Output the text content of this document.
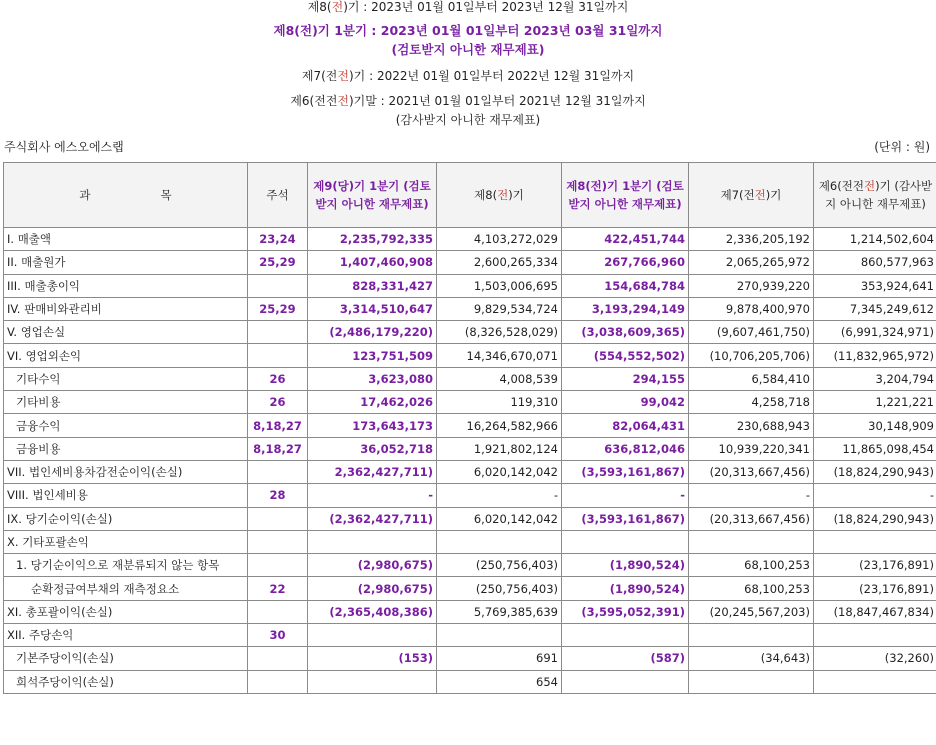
제8(전)기 : 2023년 01월 01일부터 2023년 12월 31일까지
제8(전)기 1분기 : 2023년 01월 01일부터 2023년 03월 31일까지
(검토받지 아니한 재무제표)
제7(전전)기 : 2022년 01월 01일부터 2022년 12월 31일까지
제6(전전전)기말 : 2021년 01월 01일부터 2021년 12월 31일까지
(감사받지 아니한 재무제표)
주식회사 에스오에스랩	(단위 : 원)
과 목	주석	제9(당)기 1분기 (검토받지 아니한 재무제표)	제8(전)기	제8(전)기 1분기 (검토받지 아니한 재무제표)	제7(전전)기	제6(전전전)기 (감사받지 아니한 재무제표)
I. 매출액	23,24	2,235,792,335	4,103,272,029	422,451,744	2,336,205,192	1,214,502,604
II. 매출원가	25,29	1,407,460,908	2,600,265,334	267,766,960	2,065,265,972	860,577,963
III. 매출총이익		828,331,427	1,503,006,695	154,684,784	270,939,220	353,924,641
IV. 판매비와관리비	25,29	3,314,510,647	9,829,534,724	3,193,294,149	9,878,400,970	7,345,249,612
V. 영업손실		(2,486,179,220)	(8,326,528,029)	(3,038,609,365)	(9,607,461,750)	(6,991,324,971)
VI. 영업외손익		123,751,509	14,346,670,071	(554,552,502)	(10,706,205,706)	(11,832,965,972)
기타수익	26	3,623,080	4,008,539	294,155	6,584,410	3,204,794
기타비용	26	17,462,026	119,310	99,042	4,258,718	1,221,221
금융수익	8,18,27	173,643,173	16,264,582,966	82,064,431	230,688,943	30,148,909
금융비용	8,18,27	36,052,718	1,921,802,124	636,812,046	10,939,220,341	11,865,098,454
VII. 법인세비용차감전순이익(손실)		2,362,427,711)	6,020,142,042	(3,593,161,867)	(20,313,667,456)	(18,824,290,943)
VIII. 법인세비용	28	-	-	-	-	-
IX. 당기순이익(손실)		(2,362,427,711)	6,020,142,042	(3,593,161,867)	(20,313,667,456)	(18,824,290,943)
X. 기타포괄손익						
1. 당기순이익으로 재분류되지 않는 항목		(2,980,675)	(250,756,403)	(1,890,524)	68,100,253	(23,176,891)
순확정급여부채의 재측정요소	22	(2,980,675)	(250,756,403)	(1,890,524)	68,100,253	(23,176,891)
XI. 총포괄이익(손실)		(2,365,408,386)	5,769,385,639	(3,595,052,391)	(20,245,567,203)	(18,847,467,834)
XII. 주당손익	30					
기본주당이익(손실)		(153)	691	(587)	(34,643)	(32,260)
희석주당이익(손실)			654			
